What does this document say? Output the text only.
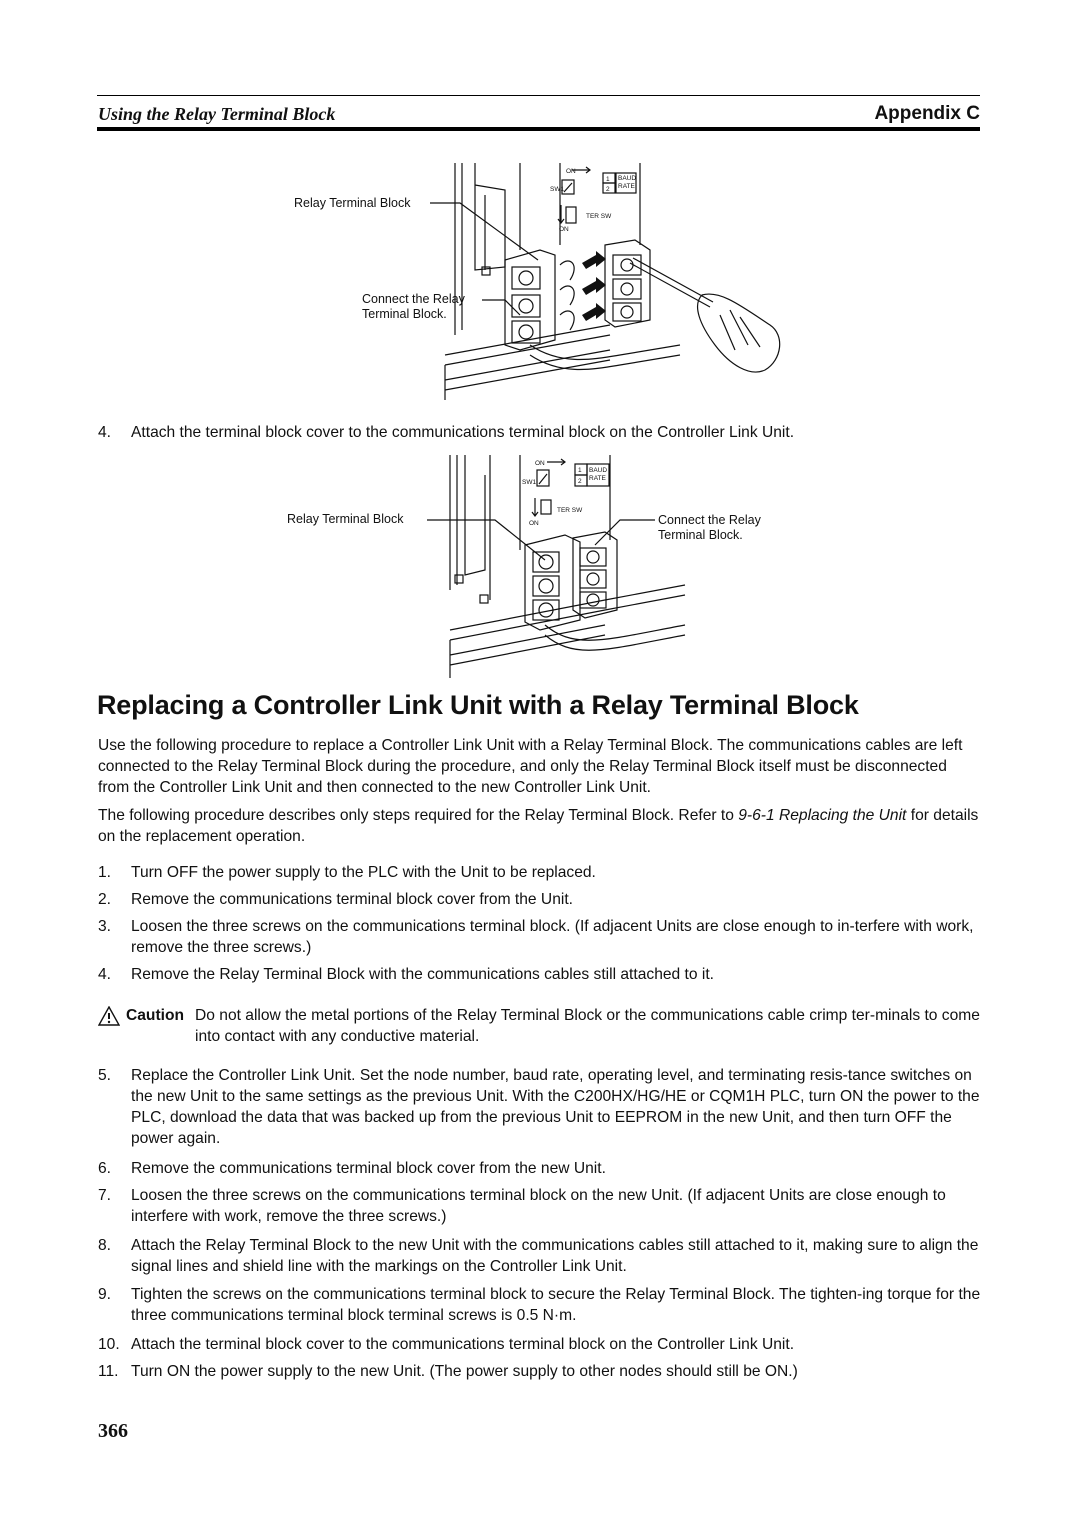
Using the Relay Terminal Block	Appendix C
Relay Terminal Block
Connect the Relay
Terminal Block.
ON
SW1
1
2
BAUD
RATE
TER SW
ON
4. Attach the terminal block cover to the communications terminal block on the Controller Link Unit.
Relay Terminal Block	Connect the Relay
Terminal Block.
ON
SW1
1
2
BAUD
RATE
TER SW
ON
Replacing a Controller Link Unit with a Relay Terminal Block
Use the following procedure to replace a Controller Link Unit with a Relay Terminal Block. The communications cables are left connected to the Relay Terminal Block during the procedure, and only the Relay Terminal Block itself must be disconnected from the Controller Link Unit and then connected to the new Controller Link Unit.
The following procedure describes only steps required for the Relay Terminal Block. Refer to 9-6-1 Replacing the Unit for details on the replacement operation.
1. Turn OFF the power supply to the PLC with the Unit to be replaced.
2. Remove the communications terminal block cover from the Unit.
3. Loosen the three screws on the communications terminal block. (If adjacent Units are close enough to in-terfere with work, remove the three screws.)
4. Remove the Relay Terminal Block with the communications cables still attached to it.
Caution Do not allow the metal portions of the Relay Terminal Block or the communications cable crimp ter-minals to come into contact with any conductive material.
5. Replace the Controller Link Unit. Set the node number, baud rate, operating level, and terminating resis-tance switches on the new Unit to the same settings as the previous Unit. With the C200HX/HG/HE or CQM1H PLC, turn ON the power to the PLC, download the data that was backed up from the previous Unit to EEPROM in the new Unit, and then turn OFF the power again.
6. Remove the communications terminal block cover from the new Unit.
7. Loosen the three screws on the communications terminal block on the new Unit. (If adjacent Units are close enough to interfere with work, remove the three screws.)
8. Attach the Relay Terminal Block to the new Unit with the communications cables still attached to it, making sure to align the signal lines and shield line with the markings on the Controller Link Unit.
9. Tighten the screws on the communications terminal block to secure the Relay Terminal Block. The tighten-ing torque for the three communications terminal block terminal screws is 0.5 N·m.
10. Attach the terminal block cover to the communications terminal block on the Controller Link Unit.
11. Turn ON the power supply to the new Unit. (The power supply to other nodes should still be ON.)
366
